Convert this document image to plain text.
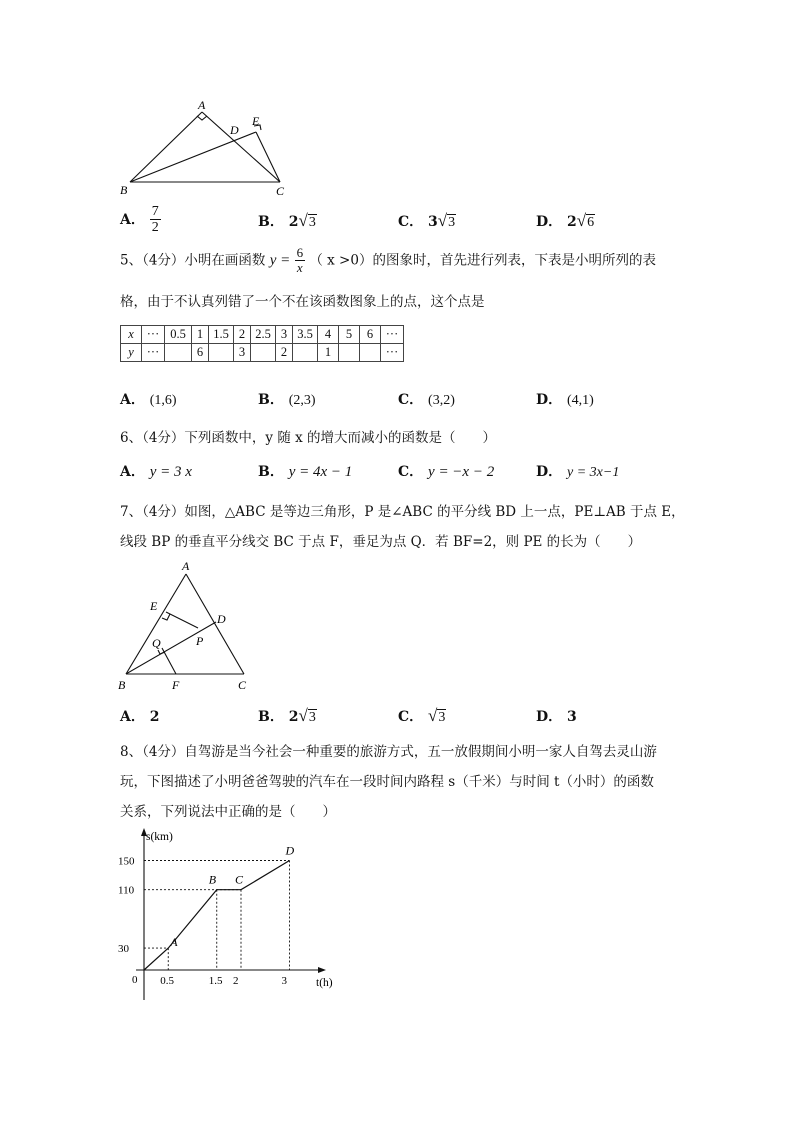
A
B	C
D
E
A． $\frac{7}{2}$	B． 2√3	C． 3√3	D． 2√6
5、（4分）小明在画函数 $y = \frac{6}{x}$ （ x >0）的图象时，首先进行列表，下表是小明所列的表
格，由于不认真列错了一个不在该函数图象上的点，这个点是
x	···	0.5	1	1.5	2	2.5	3	3.5	4	5	6	···
y	···		6		3		2		1			···
A． (1,6)	B． (2,3)	C． (3,2)	D． (4,1)
6、（4分）下列函数中，y 随 x 的增大而减小的函数是（　　）
A． y = 3 x	B． y = 4x − 1	C． y = −x − 2	D． y = 3x−1
7、（4分）如图，△ABC 是等边三角形，P 是∠ABC 的平分线 BD 上一点，PE⊥AB 于点 E，
线段 BP 的垂直平分线交 BC 于点 F，垂足为点 Q．若 BF=2，则 PE 的长为（　　）
A
B	C
D
E
F
P
Q
A． 2	B． 2√3	C． √3	D． 3
8、（4分）自驾游是当今社会一种重要的旅游方式，五一放假期间小明一家人自驾去灵山游
玩，下图描述了小明爸爸驾驶的汽车在一段时间内路程 s（千米）与时间 t（小时）的函数
关系，下列说法中正确的是（　　）
s(km)
t(h)
0 0.5	1.5 2	3
30
110
150
A
B C
D
